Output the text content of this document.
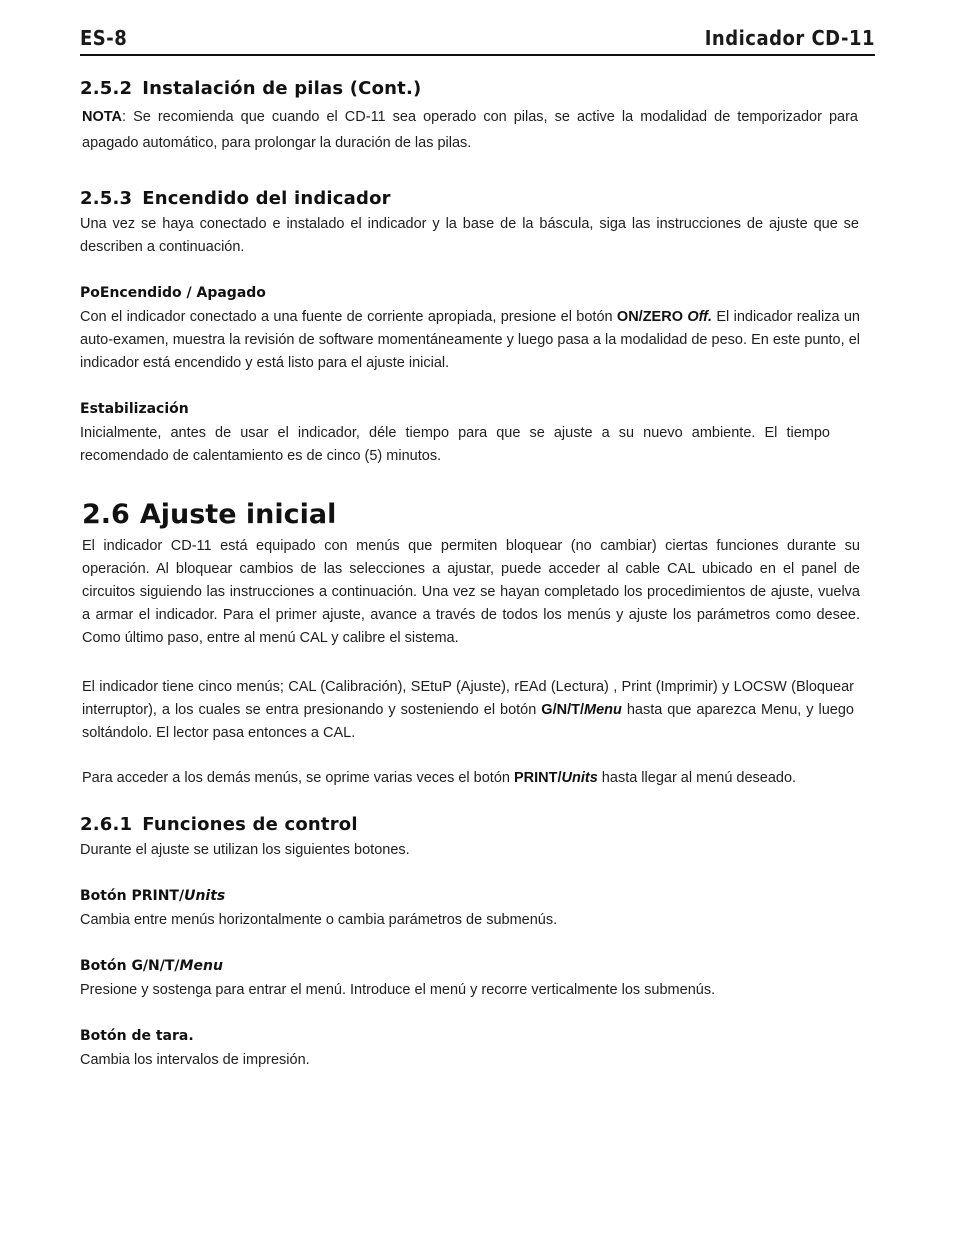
ES-8	Indicador CD-11
2.5.2 Instalación de pilas (Cont.)
NOTA: Se recomienda que cuando el CD-11 sea operado con pilas, se active la modalidad de temporizador para apagado automático, para prolongar la duración de las pilas.
2.5.3 Encendido del indicador
Una vez se haya conectado e instalado el indicador y la base de la báscula, siga las instrucciones de ajuste que se describen a continuación.
PoEncendido / Apagado
Con el indicador conectado a una fuente de corriente apropiada, presione el botón ON/ZERO Off. El indicador realiza un auto-examen, muestra la revisión de software momentáneamente y luego pasa a la modalidad de peso. En este punto, el indicador está encendido y está listo para el ajuste inicial.
Estabilización
Inicialmente, antes de usar el indicador, déle tiempo para que se ajuste a su nuevo ambiente. El tiempo recomendado de calentamiento es de cinco (5) minutos.
2.6 Ajuste inicial
El indicador CD-11 está equipado con menús que permiten bloquear (no cambiar) ciertas funciones durante su operación. Al bloquear cambios de las selecciones a ajustar, puede acceder al cable CAL ubicado en el panel de circuitos siguiendo las instrucciones a continuación. Una vez se hayan completado los procedimientos de ajuste, vuelva a armar el indicador. Para el primer ajuste, avance a través de todos los menús y ajuste los parámetros como desee. Como último paso, entre al menú CAL y calibre el sistema.
El indicador tiene cinco menús; CAL (Calibración), SEtuP (Ajuste), rEAd (Lectura) , Print (Imprimir) y LOCSW (Bloquear interruptor), a los cuales se entra presionando y sosteniendo el botón G/N/T/Menu hasta que aparezca Menu, y luego soltándolo. El lector pasa entonces a CAL.
Para acceder a los demás menús, se oprime varias veces el botón PRINT/Units hasta llegar al menú deseado.
2.6.1 Funciones de control
Durante el ajuste se utilizan los siguientes botones.
Botón PRINT/Units
Cambia entre menús horizontalmente o cambia parámetros de submenús.
Botón G/N/T/Menu
Presione y sostenga para entrar el menú. Introduce el menú y recorre verticalmente los submenús.
Botón de tara.
Cambia los intervalos de impresión.
